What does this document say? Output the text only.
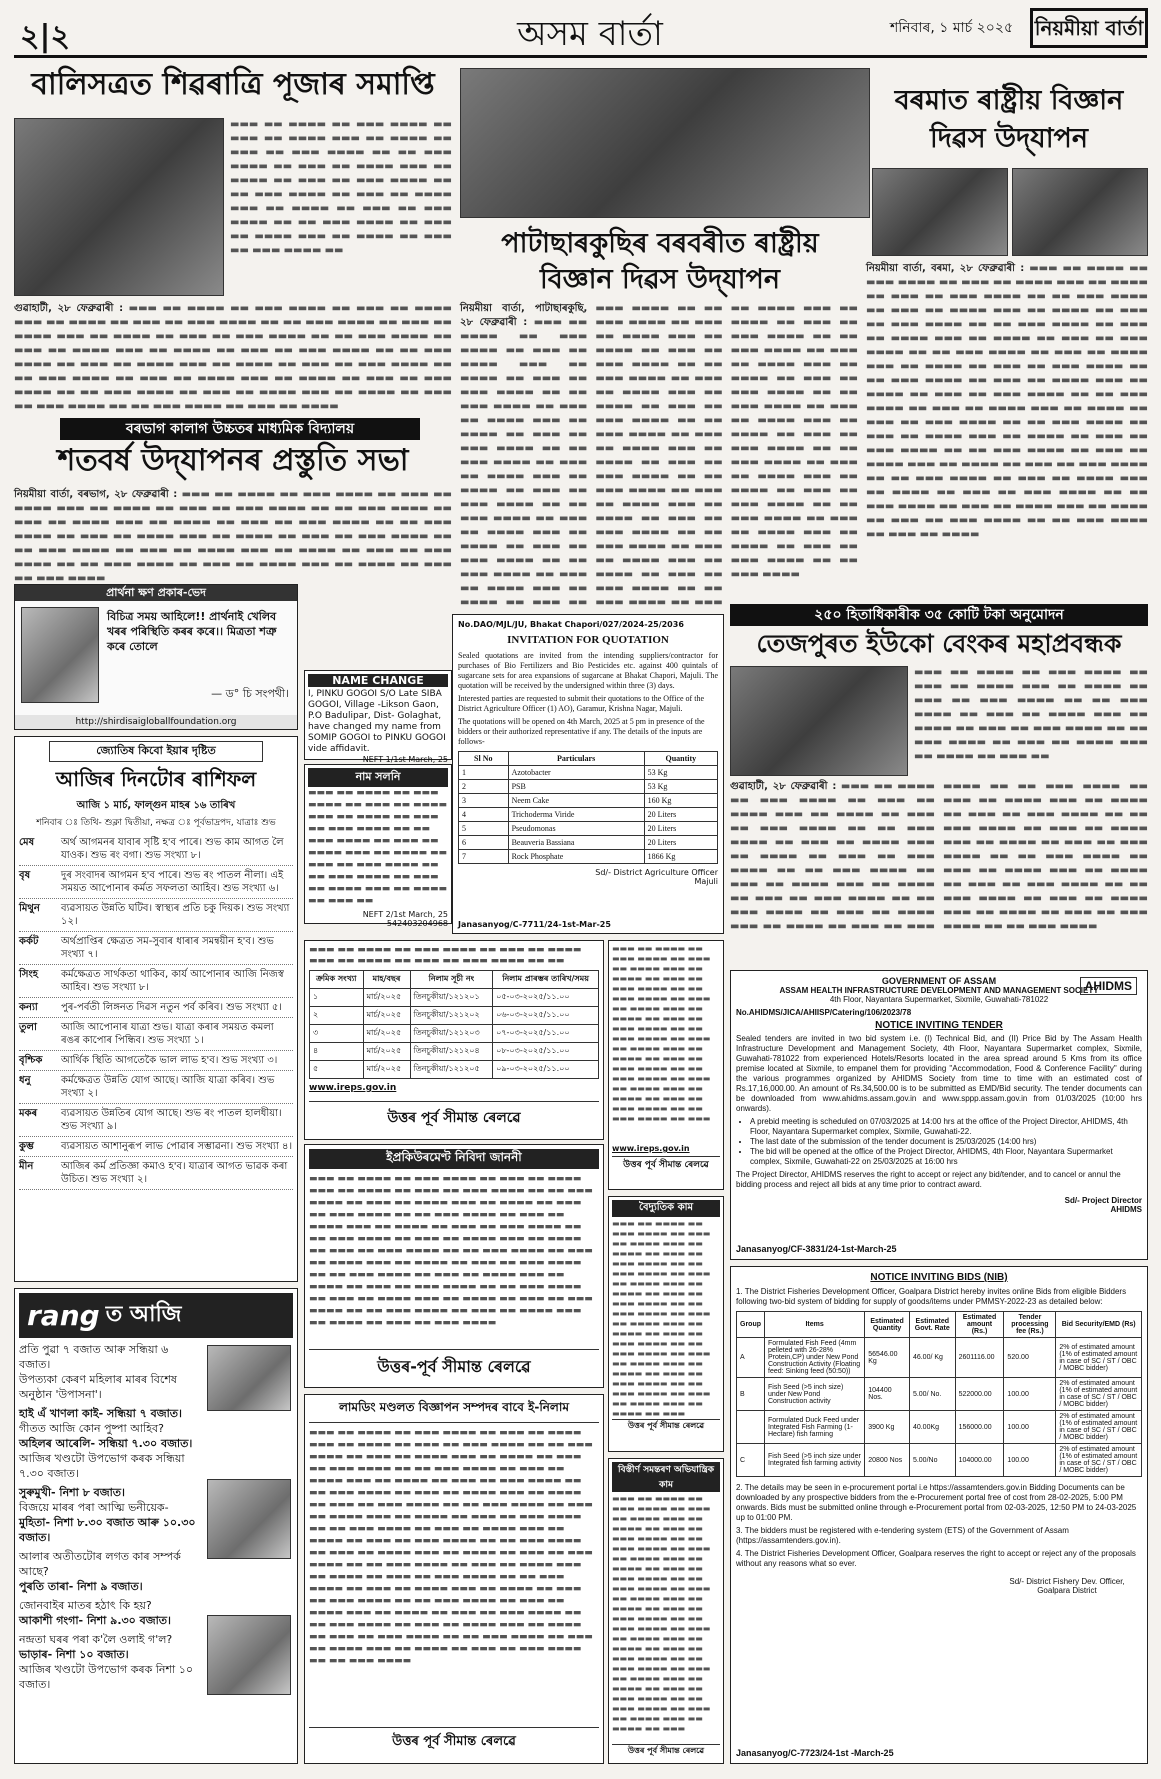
২|২	অসম বাৰ্তা	শনিবাৰ, ১ মাৰ্চ ২০২৫ নিয়মীয়া বাৰ্তা
বালিসত্ৰত শিৱৰাত্ৰি পূজাৰ সমাপ্তি
▬▬▬ ▬▬ ▬▬▬▬ ▬▬ ▬▬▬ ▬▬▬▬ ▬▬ ▬▬▬ ▬▬ ▬▬▬▬ ▬▬▬ ▬▬ ▬▬▬▬ ▬▬ ▬▬▬ ▬▬ ▬▬▬ ▬▬▬▬ ▬▬ ▬▬ ▬▬▬ ▬▬▬▬ ▬▬ ▬▬▬ ▬▬ ▬▬▬▬ ▬▬▬ ▬▬ ▬▬▬▬ ▬▬ ▬▬▬ ▬▬ ▬▬▬ ▬▬▬▬ ▬▬ ▬▬ ▬▬▬ ▬▬▬▬ ▬▬ ▬▬▬ ▬▬ ▬▬▬▬ ▬▬▬ ▬▬ ▬▬▬▬ ▬▬ ▬▬▬ ▬▬ ▬▬▬ ▬▬▬▬ ▬▬ ▬▬ ▬▬▬ ▬▬▬▬ ▬▬ ▬▬▬ ▬▬ ▬▬▬▬ ▬▬▬ ▬▬ ▬▬▬▬ ▬▬ ▬▬▬ ▬▬ ▬▬▬ ▬▬▬▬ ▬▬
গুৱাহাটী, ২৮ ফেব্ৰুৱাৰী : ▬▬▬ ▬▬ ▬▬▬▬ ▬▬ ▬▬▬ ▬▬▬▬ ▬▬ ▬▬▬ ▬▬ ▬▬▬▬ ▬▬▬ ▬▬ ▬▬▬▬ ▬▬ ▬▬▬ ▬▬ ▬▬▬ ▬▬▬▬ ▬▬ ▬▬ ▬▬▬ ▬▬▬▬ ▬▬ ▬▬▬ ▬▬ ▬▬▬▬ ▬▬▬ ▬▬ ▬▬▬▬ ▬▬ ▬▬▬ ▬▬ ▬▬▬ ▬▬▬▬ ▬▬ ▬▬ ▬▬▬ ▬▬▬▬ ▬▬ ▬▬▬ ▬▬ ▬▬▬▬ ▬▬▬ ▬▬ ▬▬▬▬ ▬▬ ▬▬▬ ▬▬ ▬▬▬ ▬▬▬▬ ▬▬ ▬▬ ▬▬▬ ▬▬▬▬ ▬▬ ▬▬▬ ▬▬ ▬▬▬▬ ▬▬▬ ▬▬ ▬▬▬▬ ▬▬ ▬▬▬ ▬▬ ▬▬▬ ▬▬▬▬ ▬▬ ▬▬ ▬▬▬ ▬▬▬▬ ▬▬ ▬▬▬ ▬▬ ▬▬▬▬ ▬▬▬ ▬▬ ▬▬▬▬ ▬▬ ▬▬▬ ▬▬ ▬▬▬ ▬▬▬▬ ▬▬ ▬▬ ▬▬▬ ▬▬▬▬ ▬▬ ▬▬▬ ▬▬ ▬▬▬▬ ▬▬▬ ▬▬ ▬▬▬▬ ▬▬ ▬▬▬ ▬▬ ▬▬▬ ▬▬▬▬ ▬▬ ▬▬ ▬▬▬ ▬▬▬▬ ▬▬ ▬▬▬ ▬▬ ▬▬▬▬
বৰভাগ কালাগ উচ্চতৰ মাধ্যমিক বিদ্যালয়
শতবৰ্ষ উদ্‌যাপনৰ প্ৰস্তুতি সভা
নিয়মীয়া বাৰ্তা, বৰভাগ, ২৮ ফেব্ৰুৱাৰী : ▬▬▬ ▬▬ ▬▬▬▬ ▬▬ ▬▬▬ ▬▬▬▬ ▬▬ ▬▬▬ ▬▬ ▬▬▬▬ ▬▬▬ ▬▬ ▬▬▬▬ ▬▬ ▬▬▬ ▬▬ ▬▬▬ ▬▬▬▬ ▬▬ ▬▬ ▬▬▬ ▬▬▬▬ ▬▬ ▬▬▬ ▬▬ ▬▬▬▬ ▬▬▬ ▬▬ ▬▬▬▬ ▬▬ ▬▬▬ ▬▬ ▬▬▬ ▬▬▬▬ ▬▬ ▬▬ ▬▬▬ ▬▬▬▬ ▬▬ ▬▬▬ ▬▬ ▬▬▬▬ ▬▬▬ ▬▬ ▬▬▬▬ ▬▬ ▬▬▬ ▬▬ ▬▬▬ ▬▬▬▬ ▬▬ ▬▬ ▬▬▬ ▬▬▬▬ ▬▬ ▬▬▬ ▬▬ ▬▬▬▬ ▬▬▬ ▬▬ ▬▬▬▬ ▬▬ ▬▬▬ ▬▬ ▬▬▬ ▬▬▬▬ ▬▬ ▬▬ ▬▬▬ ▬▬▬▬ ▬▬ ▬▬▬ ▬▬ ▬▬▬▬ ▬▬▬ ▬▬ ▬▬▬▬ ▬▬ ▬▬▬ ▬▬ ▬▬▬ ▬▬▬▬
প্ৰাৰ্থনা ক্ষণ প্ৰকাৰ-ভেদ
বিচিত্ৰ সময় আহিলে!! প্ৰাৰ্থনাই খেলিব খৰৰ পৰিস্থিতি কৰৰ কৰে।। মিত্ৰতা শত্ৰু কৰে তোলে
— ড° চি সংপথী।
http://shirdisaigloballfoundation.org
NAME CHANGE
I, PINKU GOGOI S/O Late SIBA GOGOI, Village -Likson Gaon, P.O Badulipar, Dist- Golaghat, have changed my name from SOMIP GOGOI to PINKU GOGOI vide affidavit.
NEFT 1/1st March, 25
নাম সলনি
▬▬▬ ▬▬ ▬▬▬▬ ▬▬ ▬▬▬ ▬▬▬▬ ▬▬ ▬▬▬ ▬▬ ▬▬▬▬ ▬▬▬ ▬▬ ▬▬▬▬ ▬▬ ▬▬▬ ▬▬ ▬▬▬ ▬▬▬▬ ▬▬ ▬▬ ▬▬▬ ▬▬▬▬ ▬▬ ▬▬▬ ▬▬ ▬▬▬▬ ▬▬▬ ▬▬ ▬▬▬▬ ▬▬ ▬▬▬ ▬▬ ▬▬▬ ▬▬▬▬ ▬▬ ▬▬ ▬▬▬ ▬▬▬▬ ▬▬ ▬▬▬ ▬▬ ▬▬▬▬ ▬▬▬ ▬▬ ▬▬▬▬ ▬▬ ▬▬▬ ▬▬
NEFT 2/1st March, 25 542403204968
জ্যোতিষ কিবো ইয়াৰ দৃষ্টিত
আজিৰ দিনটোৰ ৰাশিফল
আজি ১ মাৰ্চ, ফাল্গুন মাহৰ ১৬ তাৰিখ
শনিবাৰ ঃ তিথি- শুক্লা দ্বিতীয়া, নক্ষত্ৰ ঃ পূৰ্বভাদ্ৰপদ, যাত্ৰাঃ শুভ
মেষ	অৰ্থ আগমনৰ যাবাৰ সৃষ্টি হ'ব পাৰে। শুভ কাম আগত লৈ যাওক। শুভ ৰং বগা। শুভ সংখ্যা ৮।
বৃষ	দুৰ সংবাদৰ আগমন হ'ব পাৰে। শুভ ৰং পাতল নীলা। এই সময়ত আপোনাৰ কৰ্মত সফলতা আহিব। শুভ সংখ্যা ৬।
মিথুন	ব্যৱসায়ত উন্নতি ঘটিব। স্বাস্থ্যৰ প্ৰতি চকু দিয়ক। শুভ সংখ্যা ১২।
কৰ্কট	অৰ্থপ্ৰাপ্তিৰ ক্ষেত্ৰত সম-সুবাৰ ধাৰাৰ সমন্বয়ীন হ'ব। শুভ সংখ্যা ৭।
সিংহ	কৰ্মক্ষেত্ৰত সাৰ্থকতা থাকিব, কাৰ্য আপোনাৰ আজি নিজস্ব আহিব। শুভ সংখ্যা ৮।
কন্যা	পুৰ-পৰ্বতী লিঙ্গনত দিৱস নতুন পৰ্ব কৰিব। শুভ সংখ্যা ৫।
তুলা	আজি আপোনাৰ যাত্ৰা শুভ। যাত্ৰা কৰাৰ সময়ত কমলা ৰঙৰ কাপোৰ পিন্ধিব। শুভ সংখ্যা ১।
বৃশ্চিক	আৰ্থিক স্থিতি আগতেকৈ ভাল লাভ হ'ব। শুভ সংখ্যা ৩।
ধনু	কৰ্মক্ষেত্ৰত উন্নতি যোগ আছে। আজি যাত্ৰা কৰিব। শুভ সংখ্যা ২।
মকৰ	ব্যৱসায়ত উন্নতিৰ যোগ আছে। শুভ ৰং পাতল হালধীয়া। শুভ সংখ্যা ৯।
কুম্ভ	ব্যৱসায়ত আশানুৰূপ লাভ পোৱাৰ সম্ভাৱনা। শুভ সংখ্যা ৪।
মীন	আজিৰ কৰ্ম প্ৰতিজ্ঞা কমাও হ'ব। যাত্ৰাৰ আগত ভাৱক কৰা উচিত। শুভ সংখ্যা ২।
rang ত আজি
প্ৰতি পুৱা ৭ বজাত আৰু সন্ধিয়া ৬ বজাত।
উপত্যকা কেৰণ মহিলাৰ মাৰৰ বিশেষ অনুষ্ঠান 'উপাসনা'।
হাই এঁ খাণলা কাই- সন্ধিয়া ৭ বজাত।
গীতত আজি কোন পুষ্পা আহিব?
অহিলৰ আৰেলি- সন্ধিয়া ৭.৩০ বজাত।
আজিৰ খণ্ডটো উপভোগ কৰক সন্ধিয়া ৭.৩০ বজাত।
সুৰুমুখী- নিশা ৮ বজাত।
বিজয়ে মাৰৰ পৰা আত্মি ভনীয়েক-
মুহিতা- নিশা ৮.৩০ বজাত আৰু ১০.৩০ বজাত।
আলাৰ অতীতটোৰ লগত কাৰ সম্পৰ্ক আছে?
পুৰতি তাৰা- নিশা ৯ বজাত।
জোনবাইৰ মাতৰ হঠাৎ কি হয়?
আকাশী গংগা- নিশা ৯.৩০ বজাত।
নন্দ্ৰতা ঘৰৰ পৰা ক'লৈ ওলাই গ'ল?
ভাড়াৰ- নিশা ১০ বজাত।
আজিৰ খণ্ডটো উপভোগ কৰক নিশা ১০ বজাত।
পাটাছাৰকুছিৰ বৰবৰীত ৰাষ্ট্ৰীয় বিজ্ঞান দিৱস উদ্‌যাপন
নিয়মীয়া বাৰ্তা, পাটাছাৰকুছি, ২৮ ফেব্ৰুৱাৰী : ▬▬▬ ▬▬ ▬▬▬▬ ▬▬ ▬▬▬ ▬▬▬▬ ▬▬ ▬▬▬ ▬▬ ▬▬▬▬ ▬▬▬ ▬▬ ▬▬▬▬ ▬▬ ▬▬▬ ▬▬ ▬▬▬ ▬▬▬▬ ▬▬ ▬▬ ▬▬▬ ▬▬▬▬ ▬▬ ▬▬▬ ▬▬ ▬▬▬▬ ▬▬▬ ▬▬ ▬▬▬▬ ▬▬ ▬▬▬ ▬▬ ▬▬▬ ▬▬▬▬ ▬▬ ▬▬ ▬▬▬ ▬▬▬▬ ▬▬ ▬▬▬ ▬▬ ▬▬▬▬ ▬▬▬ ▬▬ ▬▬▬▬ ▬▬ ▬▬▬ ▬▬ ▬▬▬ ▬▬▬▬ ▬▬ ▬▬ ▬▬▬ ▬▬▬▬ ▬▬ ▬▬▬ ▬▬ ▬▬▬▬ ▬▬▬ ▬▬ ▬▬▬▬ ▬▬ ▬▬▬ ▬▬ ▬▬▬ ▬▬▬▬ ▬▬ ▬▬ ▬▬▬ ▬▬▬▬ ▬▬ ▬▬▬ ▬▬ ▬▬▬▬ ▬▬▬ ▬▬ ▬▬▬▬ ▬▬ ▬▬▬ ▬▬ ▬▬▬ ▬▬▬▬ ▬▬ ▬▬ ▬▬▬ ▬▬▬▬ ▬▬ ▬▬▬ ▬▬ ▬▬▬▬ ▬▬▬ ▬▬ ▬▬▬▬ ▬▬ ▬▬▬ ▬▬ ▬▬▬ ▬▬▬▬ ▬▬ ▬▬ ▬▬▬ ▬▬▬▬ ▬▬ ▬▬▬ ▬▬ ▬▬▬▬ ▬▬▬ ▬▬ ▬▬▬▬ ▬▬ ▬▬▬ ▬▬ ▬▬▬ ▬▬▬▬ ▬▬ ▬▬ ▬▬▬ ▬▬▬▬ ▬▬ ▬▬▬ ▬▬ ▬▬▬▬ ▬▬▬ ▬▬ ▬▬▬▬ ▬▬ ▬▬▬ ▬▬ ▬▬▬ ▬▬▬▬ ▬▬ ▬▬ ▬▬▬ ▬▬▬▬ ▬▬ ▬▬▬ ▬▬ ▬▬▬▬ ▬▬▬ ▬▬ ▬▬▬▬ ▬▬ ▬▬▬ ▬▬ ▬▬▬ ▬▬▬▬ ▬▬ ▬▬ ▬▬▬ ▬▬▬▬ ▬▬ ▬▬▬ ▬▬ ▬▬▬▬ ▬▬▬ ▬▬ ▬▬▬▬ ▬▬ ▬▬▬ ▬▬ ▬▬▬ ▬▬▬▬ ▬▬ ▬▬ ▬▬▬ ▬▬▬▬ ▬▬ ▬▬▬ ▬▬ ▬▬▬▬ ▬▬▬ ▬▬ ▬▬▬▬ ▬▬ ▬▬▬ ▬▬ ▬▬▬ ▬▬▬▬ ▬▬ ▬▬ ▬▬▬ ▬▬▬▬ ▬▬ ▬▬▬ ▬▬ ▬▬▬▬ ▬▬▬ ▬▬ ▬▬▬▬ ▬▬ ▬▬▬ ▬▬ ▬▬▬ ▬▬▬▬ ▬▬ ▬▬ ▬▬▬ ▬▬▬▬ ▬▬ ▬▬▬ ▬▬ ▬▬▬▬ ▬▬▬ ▬▬ ▬▬▬▬ ▬▬ ▬▬▬ ▬▬ ▬▬▬ ▬▬▬▬ ▬▬ ▬▬ ▬▬▬ ▬▬▬▬ ▬▬ ▬▬▬ ▬▬ ▬▬▬▬ ▬▬▬ ▬▬ ▬▬▬▬ ▬▬ ▬▬▬ ▬▬ ▬▬▬ ▬▬▬▬ ▬▬ ▬▬ ▬▬▬ ▬▬▬▬ ▬▬ ▬▬▬ ▬▬ ▬▬▬▬ ▬▬▬ ▬▬ ▬▬▬▬ ▬▬ ▬▬▬ ▬▬ ▬▬▬ ▬▬▬▬ ▬▬ ▬▬ ▬▬▬ ▬▬▬▬
বৰমাত ৰাষ্ট্ৰীয় বিজ্ঞান দিৱস উদ্‌যাপন
নিয়মীয়া বাৰ্তা, বৰমা, ২৮ ফেব্ৰুৱাৰী : ▬▬▬ ▬▬ ▬▬▬▬ ▬▬ ▬▬▬ ▬▬▬▬ ▬▬ ▬▬▬ ▬▬ ▬▬▬▬ ▬▬▬ ▬▬ ▬▬▬▬ ▬▬ ▬▬▬ ▬▬ ▬▬▬ ▬▬▬▬ ▬▬ ▬▬ ▬▬▬ ▬▬▬▬ ▬▬ ▬▬▬ ▬▬ ▬▬▬▬ ▬▬▬ ▬▬ ▬▬▬▬ ▬▬ ▬▬▬ ▬▬ ▬▬▬ ▬▬▬▬ ▬▬ ▬▬ ▬▬▬ ▬▬▬▬ ▬▬ ▬▬▬ ▬▬ ▬▬▬▬ ▬▬▬ ▬▬ ▬▬▬▬ ▬▬ ▬▬▬ ▬▬ ▬▬▬ ▬▬▬▬ ▬▬ ▬▬ ▬▬▬ ▬▬▬▬ ▬▬ ▬▬▬ ▬▬ ▬▬▬▬ ▬▬▬ ▬▬ ▬▬▬▬ ▬▬ ▬▬▬ ▬▬ ▬▬▬ ▬▬▬▬ ▬▬ ▬▬ ▬▬▬ ▬▬▬▬ ▬▬ ▬▬▬ ▬▬ ▬▬▬▬ ▬▬▬ ▬▬ ▬▬▬▬ ▬▬ ▬▬▬ ▬▬ ▬▬▬ ▬▬▬▬ ▬▬ ▬▬ ▬▬▬ ▬▬▬▬ ▬▬ ▬▬▬ ▬▬ ▬▬▬▬ ▬▬▬ ▬▬ ▬▬▬▬ ▬▬ ▬▬▬ ▬▬ ▬▬▬ ▬▬▬▬ ▬▬ ▬▬ ▬▬▬ ▬▬▬▬ ▬▬ ▬▬▬ ▬▬ ▬▬▬▬ ▬▬▬ ▬▬ ▬▬▬▬ ▬▬ ▬▬▬ ▬▬ ▬▬▬ ▬▬▬▬ ▬▬ ▬▬ ▬▬▬ ▬▬▬▬ ▬▬ ▬▬▬ ▬▬ ▬▬▬▬ ▬▬▬ ▬▬ ▬▬▬▬ ▬▬ ▬▬▬ ▬▬ ▬▬▬ ▬▬▬▬ ▬▬ ▬▬ ▬▬▬ ▬▬▬▬ ▬▬ ▬▬▬ ▬▬ ▬▬▬▬ ▬▬▬ ▬▬ ▬▬▬▬ ▬▬ ▬▬▬ ▬▬ ▬▬▬ ▬▬▬▬ ▬▬ ▬▬ ▬▬▬ ▬▬▬▬ ▬▬ ▬▬▬ ▬▬ ▬▬▬▬ ▬▬▬ ▬▬ ▬▬▬▬ ▬▬ ▬▬▬ ▬▬ ▬▬▬ ▬▬▬▬ ▬▬ ▬▬ ▬▬▬ ▬▬▬▬ ▬▬ ▬▬▬ ▬▬ ▬▬▬▬
২৫০ হিতাধিকাৰীক ৩৫ কোটি টকা অনুমোদন
তেজপুৰত ইউকো বেংকৰ মহাপ্ৰবন্ধক
▬▬▬ ▬▬ ▬▬▬▬ ▬▬ ▬▬▬ ▬▬▬▬ ▬▬ ▬▬▬ ▬▬ ▬▬▬▬ ▬▬▬ ▬▬ ▬▬▬▬ ▬▬ ▬▬▬ ▬▬ ▬▬▬ ▬▬▬▬ ▬▬ ▬▬ ▬▬▬ ▬▬▬▬ ▬▬ ▬▬▬ ▬▬ ▬▬▬▬ ▬▬▬ ▬▬ ▬▬▬▬ ▬▬ ▬▬▬ ▬▬ ▬▬▬ ▬▬▬▬ ▬▬ ▬▬ ▬▬▬ ▬▬▬▬ ▬▬ ▬▬▬ ▬▬ ▬▬▬▬ ▬▬▬ ▬▬ ▬▬▬▬ ▬▬ ▬▬▬ ▬▬
গুৱাহাটী, ২৮ ফেব্ৰুৱাৰী : ▬▬▬ ▬▬ ▬▬▬▬ ▬▬ ▬▬▬ ▬▬▬▬ ▬▬ ▬▬▬ ▬▬ ▬▬▬▬ ▬▬▬ ▬▬ ▬▬▬▬ ▬▬ ▬▬▬ ▬▬ ▬▬▬ ▬▬▬▬ ▬▬ ▬▬ ▬▬▬ ▬▬▬▬ ▬▬ ▬▬▬ ▬▬ ▬▬▬▬ ▬▬▬ ▬▬ ▬▬▬▬ ▬▬ ▬▬▬ ▬▬ ▬▬▬ ▬▬▬▬ ▬▬ ▬▬ ▬▬▬ ▬▬▬▬ ▬▬ ▬▬▬ ▬▬ ▬▬▬▬ ▬▬▬ ▬▬ ▬▬▬▬ ▬▬ ▬▬▬ ▬▬ ▬▬▬ ▬▬▬▬ ▬▬ ▬▬ ▬▬▬ ▬▬▬▬ ▬▬ ▬▬▬ ▬▬ ▬▬▬▬ ▬▬▬ ▬▬ ▬▬▬▬ ▬▬ ▬▬▬ ▬▬ ▬▬▬ ▬▬▬▬ ▬▬ ▬▬ ▬▬▬ ▬▬▬▬ ▬▬ ▬▬▬ ▬▬ ▬▬▬▬ ▬▬▬ ▬▬ ▬▬▬▬ ▬▬ ▬▬▬ ▬▬ ▬▬▬ ▬▬▬▬ ▬▬ ▬▬ ▬▬▬ ▬▬▬▬ ▬▬ ▬▬▬ ▬▬ ▬▬▬▬ ▬▬▬ ▬▬ ▬▬▬▬ ▬▬ ▬▬▬ ▬▬ ▬▬▬ ▬▬▬▬ ▬▬ ▬▬ ▬▬▬ ▬▬▬▬ ▬▬ ▬▬▬ ▬▬ ▬▬▬▬ ▬▬▬ ▬▬ ▬▬▬▬ ▬▬ ▬▬▬ ▬▬ ▬▬▬ ▬▬▬▬ ▬▬ ▬▬ ▬▬▬ ▬▬▬▬ ▬▬ ▬▬▬ ▬▬ ▬▬▬▬ ▬▬▬ ▬▬ ▬▬▬▬ ▬▬ ▬▬▬ ▬▬ ▬▬▬ ▬▬▬▬ ▬▬ ▬▬ ▬▬▬ ▬▬▬▬
No.DAO/MJL/JU, Bhakat Chapori/027/2024-25/2036
INVITATION FOR QUOTATION
Sealed quotations are invited from the intending suppliers/contractor for purchases of Bio Fertilizers and Bio Pesticides etc. against 400 quintals of sugarcane sets for area expansions of sugarcane at Bhakat Chapori, Majuli. The quotation will be received by the undersigned within three (3) days.
Interested parties are requested to submit their quotations to the Office of the District Agriculture Officer (1) AO), Garamur, Krishna Nagar, Majuli.
The quotations will be opened on 4th March, 2025 at 5 pm in presence of the bidders or their authorized representative if any. The details of the inputs are follows-
Sl No	Particulars	Quantity
1	Azotobacter	53 Kg
2	PSB	53 Kg
3	Neem Cake	160 Kg
4	Trichoderma Viride	20 Liters
5	Pseudomonas	20 Liters
6	Beauveria Bassiana	20 Liters
7	Rock Phosphate	1866 Kg
Sd/- District Agriculture Officer Majuli
Janasanyog/C-7711/24-1st-Mar-25
▬▬▬ ▬▬ ▬▬▬▬ ▬▬ ▬▬▬ ▬▬▬▬ ▬▬ ▬▬▬ ▬▬ ▬▬▬▬ ▬▬▬ ▬▬ ▬▬▬▬ ▬▬ ▬▬▬ ▬▬ ▬▬▬ ▬▬▬▬ ▬▬ ▬▬
ক্ৰমিক সংখ্যা	মাহ/বছৰ	নিলাম সূচী নং	নিলাম প্ৰাৰম্ভৰ তাৰিখ/সময়
১	মাৰ্চ/২০২৫	তিনচুকীয়া/১২১২০১	০৫-০৩-২০২৫/১১.০০
২	মাৰ্চ/২০২৫	তিনচুকীয়া/১২১২০২	০৬-০৩-২০২৫/১১.০০
৩	মাৰ্চ/২০২৫	তিনচুকীয়া/১২১২০৩	০৭-০৩-২০২৫/১১.০০
৪	মাৰ্চ/২০২৫	তিনচুকীয়া/১২১২০৪	০৮-০৩-২০২৫/১১.০০
৫	মাৰ্চ/২০২৫	তিনচুকীয়া/১২১২০৫	০৯-০৩-২০২৫/১১.০০
www.ireps.gov.in
উত্তৰ পূৰ্ব সীমান্ত ৰেলৱে
ইপ্ৰকিউৰমেণ্ট নিবিদা জাননী
▬▬▬ ▬▬ ▬▬▬▬ ▬▬ ▬▬▬ ▬▬▬▬ ▬▬ ▬▬▬ ▬▬ ▬▬▬▬ ▬▬▬ ▬▬ ▬▬▬▬ ▬▬ ▬▬▬ ▬▬ ▬▬▬ ▬▬▬▬ ▬▬ ▬▬ ▬▬▬ ▬▬▬▬ ▬▬ ▬▬▬ ▬▬ ▬▬▬▬ ▬▬▬ ▬▬ ▬▬▬▬ ▬▬ ▬▬▬ ▬▬ ▬▬▬ ▬▬▬▬ ▬▬ ▬▬ ▬▬▬ ▬▬▬▬ ▬▬ ▬▬▬ ▬▬ ▬▬▬▬ ▬▬▬ ▬▬ ▬▬▬▬ ▬▬ ▬▬▬ ▬▬ ▬▬▬ ▬▬▬▬ ▬▬ ▬▬ ▬▬▬ ▬▬▬▬ ▬▬ ▬▬▬ ▬▬ ▬▬▬▬ ▬▬▬ ▬▬ ▬▬▬▬ ▬▬ ▬▬▬ ▬▬ ▬▬▬ ▬▬▬▬ ▬▬ ▬▬ ▬▬▬ ▬▬▬▬ ▬▬ ▬▬▬ ▬▬ ▬▬▬▬ ▬▬▬ ▬▬ ▬▬▬▬ ▬▬ ▬▬▬ ▬▬ ▬▬▬ ▬▬▬▬ ▬▬ ▬▬ ▬▬▬ ▬▬▬▬ ▬▬ ▬▬▬ ▬▬ ▬▬▬▬ ▬▬▬ ▬▬ ▬▬▬▬ ▬▬ ▬▬▬ ▬▬ ▬▬▬ ▬▬▬▬ ▬▬ ▬▬ ▬▬▬ ▬▬▬▬ ▬▬ ▬▬▬ ▬▬ ▬▬▬▬ ▬▬▬ ▬▬ ▬▬▬▬ ▬▬ ▬▬▬ ▬▬ ▬▬▬ ▬▬▬▬ ▬▬ ▬▬ ▬▬▬ ▬▬▬▬ ▬▬ ▬▬▬ ▬▬ ▬▬▬▬ ▬▬▬ ▬▬ ▬▬▬▬ ▬▬ ▬▬▬ ▬▬ ▬▬▬ ▬▬▬▬
উত্তৰ-পূৰ্ব সীমান্ত ৰেলৱে
লামডিং মণ্ডলত বিজ্ঞাপন সম্পদৰ বাবে ই-নিলাম
▬▬▬ ▬▬ ▬▬▬▬ ▬▬ ▬▬▬ ▬▬▬▬ ▬▬ ▬▬▬ ▬▬ ▬▬▬▬ ▬▬▬ ▬▬ ▬▬▬▬ ▬▬ ▬▬▬ ▬▬ ▬▬▬ ▬▬▬▬ ▬▬ ▬▬ ▬▬▬ ▬▬▬▬ ▬▬ ▬▬▬ ▬▬ ▬▬▬▬ ▬▬▬ ▬▬ ▬▬▬▬ ▬▬ ▬▬▬ ▬▬ ▬▬▬ ▬▬▬▬ ▬▬ ▬▬ ▬▬▬ ▬▬▬▬ ▬▬ ▬▬▬ ▬▬ ▬▬▬▬ ▬▬▬ ▬▬ ▬▬▬▬ ▬▬ ▬▬▬ ▬▬ ▬▬▬ ▬▬▬▬ ▬▬ ▬▬ ▬▬▬ ▬▬▬▬ ▬▬ ▬▬▬ ▬▬ ▬▬▬▬ ▬▬▬ ▬▬ ▬▬▬▬ ▬▬ ▬▬▬ ▬▬ ▬▬▬ ▬▬▬▬ ▬▬ ▬▬ ▬▬▬ ▬▬▬▬ ▬▬ ▬▬▬ ▬▬ ▬▬▬▬ ▬▬▬ ▬▬ ▬▬▬▬ ▬▬ ▬▬▬ ▬▬ ▬▬▬ ▬▬▬▬ ▬▬ ▬▬ ▬▬▬ ▬▬▬▬ ▬▬ ▬▬▬ ▬▬ ▬▬▬▬ ▬▬▬ ▬▬ ▬▬▬▬ ▬▬ ▬▬▬ ▬▬ ▬▬▬ ▬▬▬▬ ▬▬ ▬▬ ▬▬▬ ▬▬▬▬ ▬▬ ▬▬▬ ▬▬ ▬▬▬▬ ▬▬▬ ▬▬ ▬▬▬▬ ▬▬ ▬▬▬ ▬▬ ▬▬▬ ▬▬▬▬ ▬▬ ▬▬ ▬▬▬ ▬▬▬▬ ▬▬ ▬▬▬ ▬▬ ▬▬▬▬ ▬▬▬ ▬▬ ▬▬▬▬ ▬▬ ▬▬▬ ▬▬ ▬▬▬ ▬▬▬▬ ▬▬ ▬▬ ▬▬▬ ▬▬▬▬ ▬▬ ▬▬▬ ▬▬ ▬▬▬▬ ▬▬▬ ▬▬ ▬▬▬▬ ▬▬ ▬▬▬ ▬▬ ▬▬▬ ▬▬▬▬ ▬▬ ▬▬ ▬▬▬ ▬▬▬▬ ▬▬ ▬▬▬ ▬▬ ▬▬▬▬ ▬▬▬ ▬▬ ▬▬▬▬ ▬▬ ▬▬▬ ▬▬ ▬▬▬ ▬▬▬▬ ▬▬ ▬▬ ▬▬▬ ▬▬▬▬ ▬▬ ▬▬▬ ▬▬ ▬▬▬▬ ▬▬▬ ▬▬ ▬▬▬▬ ▬▬ ▬▬▬ ▬▬ ▬▬▬ ▬▬▬▬ ▬▬ ▬▬ ▬▬▬ ▬▬▬▬ ▬▬ ▬▬▬ ▬▬ ▬▬▬▬ ▬▬▬ ▬▬ ▬▬▬▬ ▬▬ ▬▬▬ ▬▬ ▬▬▬ ▬▬▬▬ ▬▬ ▬▬ ▬▬▬ ▬▬▬▬
উত্তৰ পূৰ্ব সীমান্ত ৰেলৱে
▬▬▬ ▬▬ ▬▬▬▬ ▬▬ ▬▬▬ ▬▬▬▬ ▬▬ ▬▬▬ ▬▬ ▬▬▬▬ ▬▬▬ ▬▬ ▬▬▬▬ ▬▬ ▬▬▬ ▬▬ ▬▬▬ ▬▬▬▬ ▬▬ ▬▬ ▬▬▬ ▬▬▬▬ ▬▬ ▬▬▬ ▬▬ ▬▬▬▬ ▬▬▬ ▬▬ ▬▬▬▬ ▬▬ ▬▬▬ ▬▬ ▬▬▬ ▬▬▬▬ ▬▬ ▬▬ ▬▬▬ ▬▬▬▬ ▬▬ ▬▬▬ ▬▬ ▬▬▬▬ ▬▬▬ ▬▬ ▬▬▬▬ ▬▬ ▬▬▬ ▬▬ ▬▬▬ ▬▬▬▬ ▬▬ ▬▬ ▬▬▬ ▬▬▬▬ ▬▬ ▬▬▬ ▬▬ ▬▬▬▬ ▬▬▬ ▬▬ ▬▬▬▬ ▬▬ ▬▬▬ ▬▬ ▬▬▬ ▬▬▬▬ ▬▬ ▬▬ ▬▬▬ ▬▬▬▬ ▬▬ ▬▬▬
www.ireps.gov.in
উত্তৰ পূৰ্ব সীমান্ত ৰেলৱে
বৈদ্যুতিক কাম
▬▬▬ ▬▬ ▬▬▬▬ ▬▬ ▬▬▬ ▬▬▬▬ ▬▬ ▬▬▬ ▬▬ ▬▬▬▬ ▬▬▬ ▬▬ ▬▬▬▬ ▬▬ ▬▬▬ ▬▬ ▬▬▬ ▬▬▬▬ ▬▬ ▬▬ ▬▬▬ ▬▬▬▬ ▬▬ ▬▬▬ ▬▬ ▬▬▬▬ ▬▬▬ ▬▬ ▬▬▬▬ ▬▬ ▬▬▬ ▬▬ ▬▬▬ ▬▬▬▬ ▬▬ ▬▬ ▬▬▬ ▬▬▬▬ ▬▬ ▬▬▬ ▬▬ ▬▬▬▬ ▬▬▬ ▬▬ ▬▬▬▬ ▬▬ ▬▬▬ ▬▬ ▬▬▬ ▬▬▬▬ ▬▬ ▬▬ ▬▬▬ ▬▬▬▬ ▬▬ ▬▬▬ ▬▬ ▬▬▬▬ ▬▬▬ ▬▬ ▬▬▬▬ ▬▬ ▬▬▬ ▬▬ ▬▬▬ ▬▬▬▬ ▬▬ ▬▬ ▬▬▬ ▬▬▬▬ ▬▬ ▬▬▬ ▬▬ ▬▬▬▬ ▬▬▬ ▬▬ ▬▬▬▬ ▬▬ ▬▬▬
উত্তৰ পূৰ্ব সীমান্ত ৰেলৱে
বিস্তীৰ্ণ সমন্তৰণ অভিযান্ত্ৰিক কাম
▬▬▬ ▬▬ ▬▬▬▬ ▬▬ ▬▬▬ ▬▬▬▬ ▬▬ ▬▬▬ ▬▬ ▬▬▬▬ ▬▬▬ ▬▬ ▬▬▬▬ ▬▬ ▬▬▬ ▬▬ ▬▬▬ ▬▬▬▬ ▬▬ ▬▬ ▬▬▬ ▬▬▬▬ ▬▬ ▬▬▬ ▬▬ ▬▬▬▬ ▬▬▬ ▬▬ ▬▬▬▬ ▬▬ ▬▬▬ ▬▬ ▬▬▬ ▬▬▬▬ ▬▬ ▬▬ ▬▬▬ ▬▬▬▬ ▬▬ ▬▬▬ ▬▬ ▬▬▬▬ ▬▬▬ ▬▬ ▬▬▬▬ ▬▬ ▬▬▬ ▬▬ ▬▬▬ ▬▬▬▬ ▬▬ ▬▬ ▬▬▬ ▬▬▬▬ ▬▬ ▬▬▬ ▬▬ ▬▬▬▬ ▬▬▬ ▬▬ ▬▬▬▬ ▬▬ ▬▬▬ ▬▬ ▬▬▬ ▬▬▬▬ ▬▬ ▬▬ ▬▬▬ ▬▬▬▬ ▬▬ ▬▬▬ ▬▬ ▬▬▬▬ ▬▬▬ ▬▬ ▬▬▬▬ ▬▬ ▬▬▬ ▬▬ ▬▬▬ ▬▬▬▬ ▬▬ ▬▬ ▬▬▬ ▬▬▬▬ ▬▬ ▬▬▬ ▬▬ ▬▬▬▬ ▬▬▬ ▬▬ ▬▬▬▬ ▬▬ ▬▬▬
উত্তৰ পূৰ্ব সীমান্ত ৰেলৱে
AHIDMS
GOVERNMENT OF ASSAM
ASSAM HEALTH INFRASTRUCTURE DEVELOPMENT AND MANAGEMENT SOCIETY
4th Floor, Nayantara Supermarket, Sixmile, Guwahati-781022
No.AHIDMS/JICA/AHIISP/Catering/106/2023/78
NOTICE INVITING TENDER
Sealed tenders are invited in two bid system i.e. (I) Technical Bid, and (II) Price Bid by The Assam Health Infrastructure Development and Management Society, 4th Floor, Nayantara Supermarket complex, Sixmile, Guwahati-781022 from experienced Hotels/Resorts located in the area spread around 5 Kms from its office premise located at Sixmile, to empanel them for providing "Accommodation, Food & Conference Facility" during the various programmes organized by AHIDMS Society from time to time with an estimated cost of Rs.17,16,000.00. An amount of Rs.34,500.00 is to be submitted as EMD/Bid security. The tender documents can be downloaded from www.ahidms.assam.gov.in and www.sppp.assam.gov.in from 01/03/2025 (10:00 hrs onwards).
• A prebid meeting is scheduled on 07/03/2025 at 14:00 hrs at the office of the Project Director, AHIDMS, 4th Floor, Nayantara Supermarket complex, Sixmile, Guwahati-22.
• The last date of the submission of the tender document is 25/03/2025 (14:00 hrs)
• The bid will be opened at the office of the Project Director, AHIDMS, 4th Floor, Nayantara Supermarket complex, Sixmile, Guwahati-22 on 25/03/2025 at 16:00 hrs
The Project Director, AHIDMS reserves the right to accept or reject any bid/tender, and to cancel or annul the bidding process and reject all bids at any time prior to contract award.
Sd/- Project Director AHIDMS
Janasanyog/CF-3831/24-1st-March-25
NOTICE INVITING BIDS (NIB)
1. The District Fisheries Development Officer, Goalpara District hereby invites online Bids from eligible Bidders following two-bid system of bidding for supply of goods/items under PMMSY-2022-23 as detailed below:
Group	Items	Estimated Quantity	Estimated Govt. Rate	Estimated amount (Rs.)	Tender processing fee (Rs.)	Bid Security/EMD (Rs)
A	Formulated Fish Feed (4mm pelleted with 26-28% Protein,CP) under New Pond Construction Activity (Floating feed: Sinking feed (50:50))	56546.00 Kg	46.00/ Kg	2601116.00	520.00	2% of estimated amount (1% of estimated amount in case of SC / ST / OBC / MOBC bidder)
B	Fish Seed (>5 inch size) under New Pond Construction activity	104400 Nos.	5.00/ No.	522000.00	100.00	2% of estimated amount (1% of estimated amount in case of SC / ST / OBC / MOBC bidder)
	Formulated Duck Feed under Integrated Fish Farming (1-Hectare) fish farming	3900 Kg	40.00Kg	156000.00	100.00	2% of estimated amount (1% of estimated amount in case of SC / ST / OBC / MOBC bidder)
C	Fish Seed (>5 inch size under Integrated fish farming activity	20800 Nos	5.00/No	104000.00	100.00	2% of estimated amount (1% of estimated amount in case of SC / ST / OBC / MOBC bidder)
2. The details may be seen in e-procurement portal i.e https://assamtenders.gov.in Bidding Documents can be downloaded by any prospective bidders from the e-Procurement portal free of cost from 28-02-2025, 5:00 PM onwards. Bids must be submitted online through e-Procurement portal from 02-03-2025, 12:50 PM to 24-03-2025 up to 01:00 PM.
3. The bidders must be registered with e-tendering system (ETS) of the Government of Assam (https://assamtenders.gov.in).
4. The District Fisheries Development Officer, Goalpara reserves the right to accept or reject any of the proposals without any reasons what so ever.
Sd/- District Fishery Dev. Officer, Goalpara District
Janasanyog/C-7723/24-1st -March-25
